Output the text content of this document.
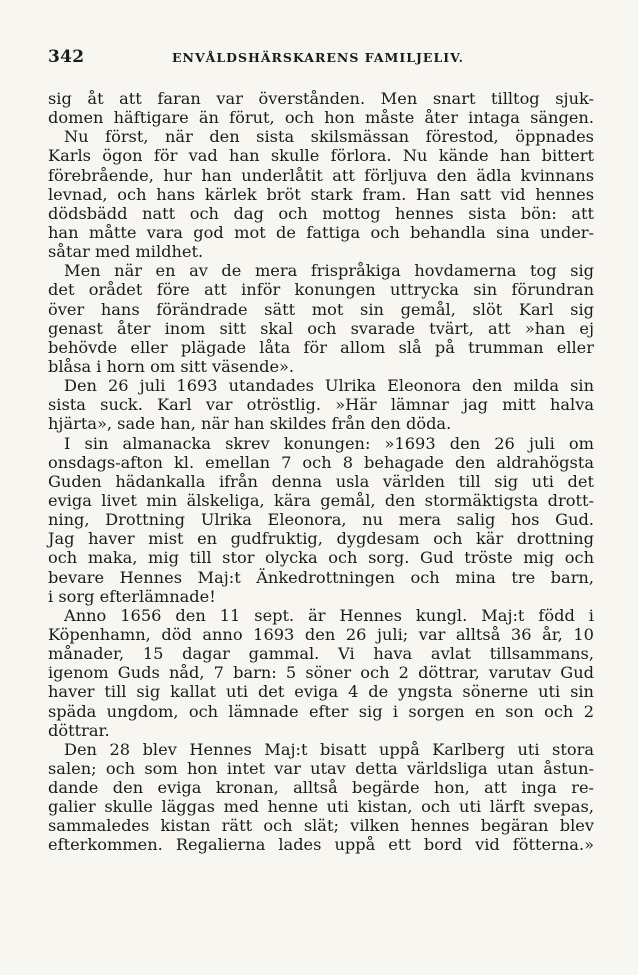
342	ENVÅLDSHÄRSKARENS FAMILJELIV.
sig åt att faran var överstånden. Men snart tilltog sjuk-
domen häftigare än förut, och hon måste åter intaga sängen.
Nu först, när den sista skilsmässan förestod, öppnades
Karls ögon för vad han skulle förlora. Nu kände han bittert
förebrående, hur han underlåtit att förljuva den ädla kvinnans
levnad, och hans kärlek bröt stark fram. Han satt vid hennes
dödsbädd natt och dag och mottog hennes sista bön: att
han måtte vara god mot de fattiga och behandla sina under-
såtar med mildhet.
Men när en av de mera frispråkiga hovdamerna tog sig
det orådet före att inför konungen uttrycka sin förundran
över hans förändrade sätt mot sin gemål, slöt Karl sig
genast åter inom sitt skal och svarade tvärt, att »han ej
behövde eller plägade låta för allom slå på trumman eller
blåsa i horn om sitt väsende».
Den 26 juli 1693 utandades Ulrika Eleonora den milda sin
sista suck. Karl var otröstlig. »Här lämnar jag mitt halva
hjärta», sade han, när han skildes från den döda.
I sin almanacka skrev konungen: »1693 den 26 juli om
onsdags-afton kl. emellan 7 och 8 behagade den aldrahögsta
Guden hädankalla ifrån denna usla världen till sig uti det
eviga livet min älskeliga, kära gemål, den stormäktigsta drott-
ning, Drottning Ulrika Eleonora, nu mera salig hos Gud.
Jag haver mist en gudfruktig, dygdesam och kär drottning
och maka, mig till stor olycka och sorg. Gud tröste mig och
bevare Hennes Maj:t Änkedrottningen och mina tre barn,
i sorg efterlämnade!
Anno 1656 den 11 sept. är Hennes kungl. Maj:t född i
Köpenhamn, död anno 1693 den 26 juli; var alltså 36 år, 10
månader, 15 dagar gammal. Vi hava avlat tillsammans,
igenom Guds nåd, 7 barn: 5 söner och 2 döttrar, varutav Gud
haver till sig kallat uti det eviga 4 de yngsta sönerne uti sin
späda ungdom, och lämnade efter sig i sorgen en son och 2
döttrar.
Den 28 blev Hennes Maj:t bisatt uppå Karlberg uti stora
salen; och som hon intet var utav detta världsliga utan åstun-
dande den eviga kronan, alltså begärde hon, att inga re-
galier skulle läggas med henne uti kistan, och uti lärft svepas,
sammaledes kistan rätt och slät; vilken hennes begäran blev
efterkommen. Regalierna lades uppå ett bord vid fötterna.»
